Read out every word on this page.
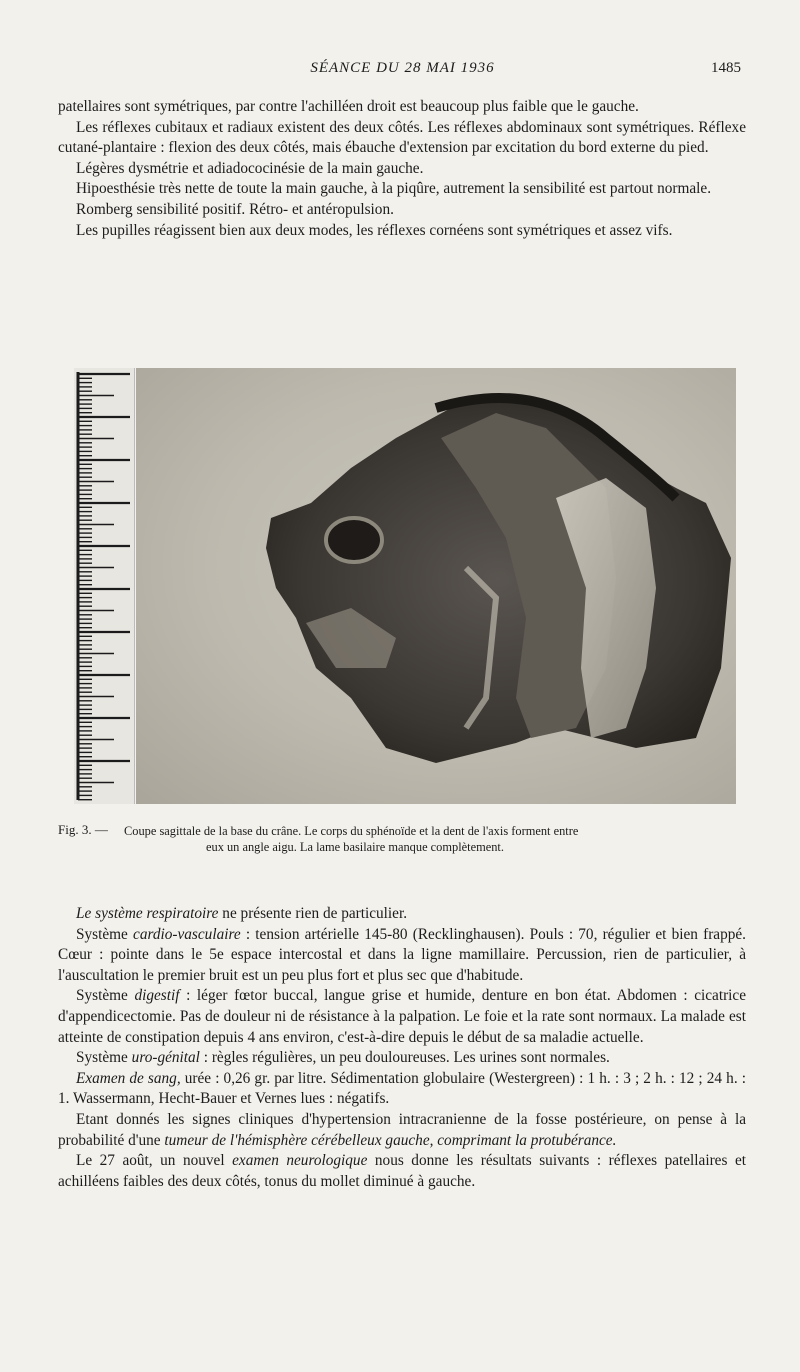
SÉANCE DU 28 MAI 1936	1485

patellaires sont symétriques, par contre l'achilléen droit est beaucoup plus faible que le gauche.

Les réflexes cubitaux et radiaux existent des deux côtés. Les réflexes abdominaux sont symétriques. Réflexe cutané-plantaire : flexion des deux côtés, mais ébauche d'extension par excitation du bord externe du pied.

Légères dysmétrie et adiadococinésie de la main gauche.

Hipoesthésie très nette de toute la main gauche, à la piqûre, autrement la sensibilité est partout normale.

Romberg sensibilité positif. Rétro- et antéropulsion.

Les pupilles réagissent bien aux deux modes, les réflexes cornéens sont symétriques et assez vifs.

Fig. 3. — Coupe sagittale de la base du crâne. Le corps du sphénoïde et la dent de l'axis forment entre
eux un angle aigu. La lame basilaire manque complètement.

Le système respiratoire ne présente rien de particulier.

Système cardio-vasculaire : tension artérielle 145-80 (Recklinghausen). Pouls : 70, régulier et bien frappé. Cœur : pointe dans le 5e espace intercostal et dans la ligne mamillaire. Percussion, rien de particulier, à l'auscultation le premier bruit est un peu plus fort et plus sec que d'habitude.

Système digestif : léger fœtor buccal, langue grise et humide, denture en bon état. Abdomen : cicatrice d'appendicectomie. Pas de douleur ni de résistance à la palpation. Le foie et la rate sont normaux. La malade est atteinte de constipation depuis 4 ans environ, c'est-à-dire depuis le début de sa maladie actuelle.

Système uro-génital : règles régulières, un peu douloureuses. Les urines sont normales.

Examen de sang, urée : 0,26 gr. par litre. Sédimentation globulaire (Westergreen) : 1 h. : 3 ; 2 h. : 12 ; 24 h. : 1. Wassermann, Hecht-Bauer et Vernes lues : négatifs.

Etant donnés les signes cliniques d'hypertension intracranienne de la fosse postérieure, on pense à la probabilité d'une tumeur de l'hémisphère cérébelleux gauche, comprimant la protubérance.

Le 27 août, un nouvel examen neurologique nous donne les résultats suivants : réflexes patellaires et achilléens faibles des deux côtés, tonus du mollet diminué à gauche.
